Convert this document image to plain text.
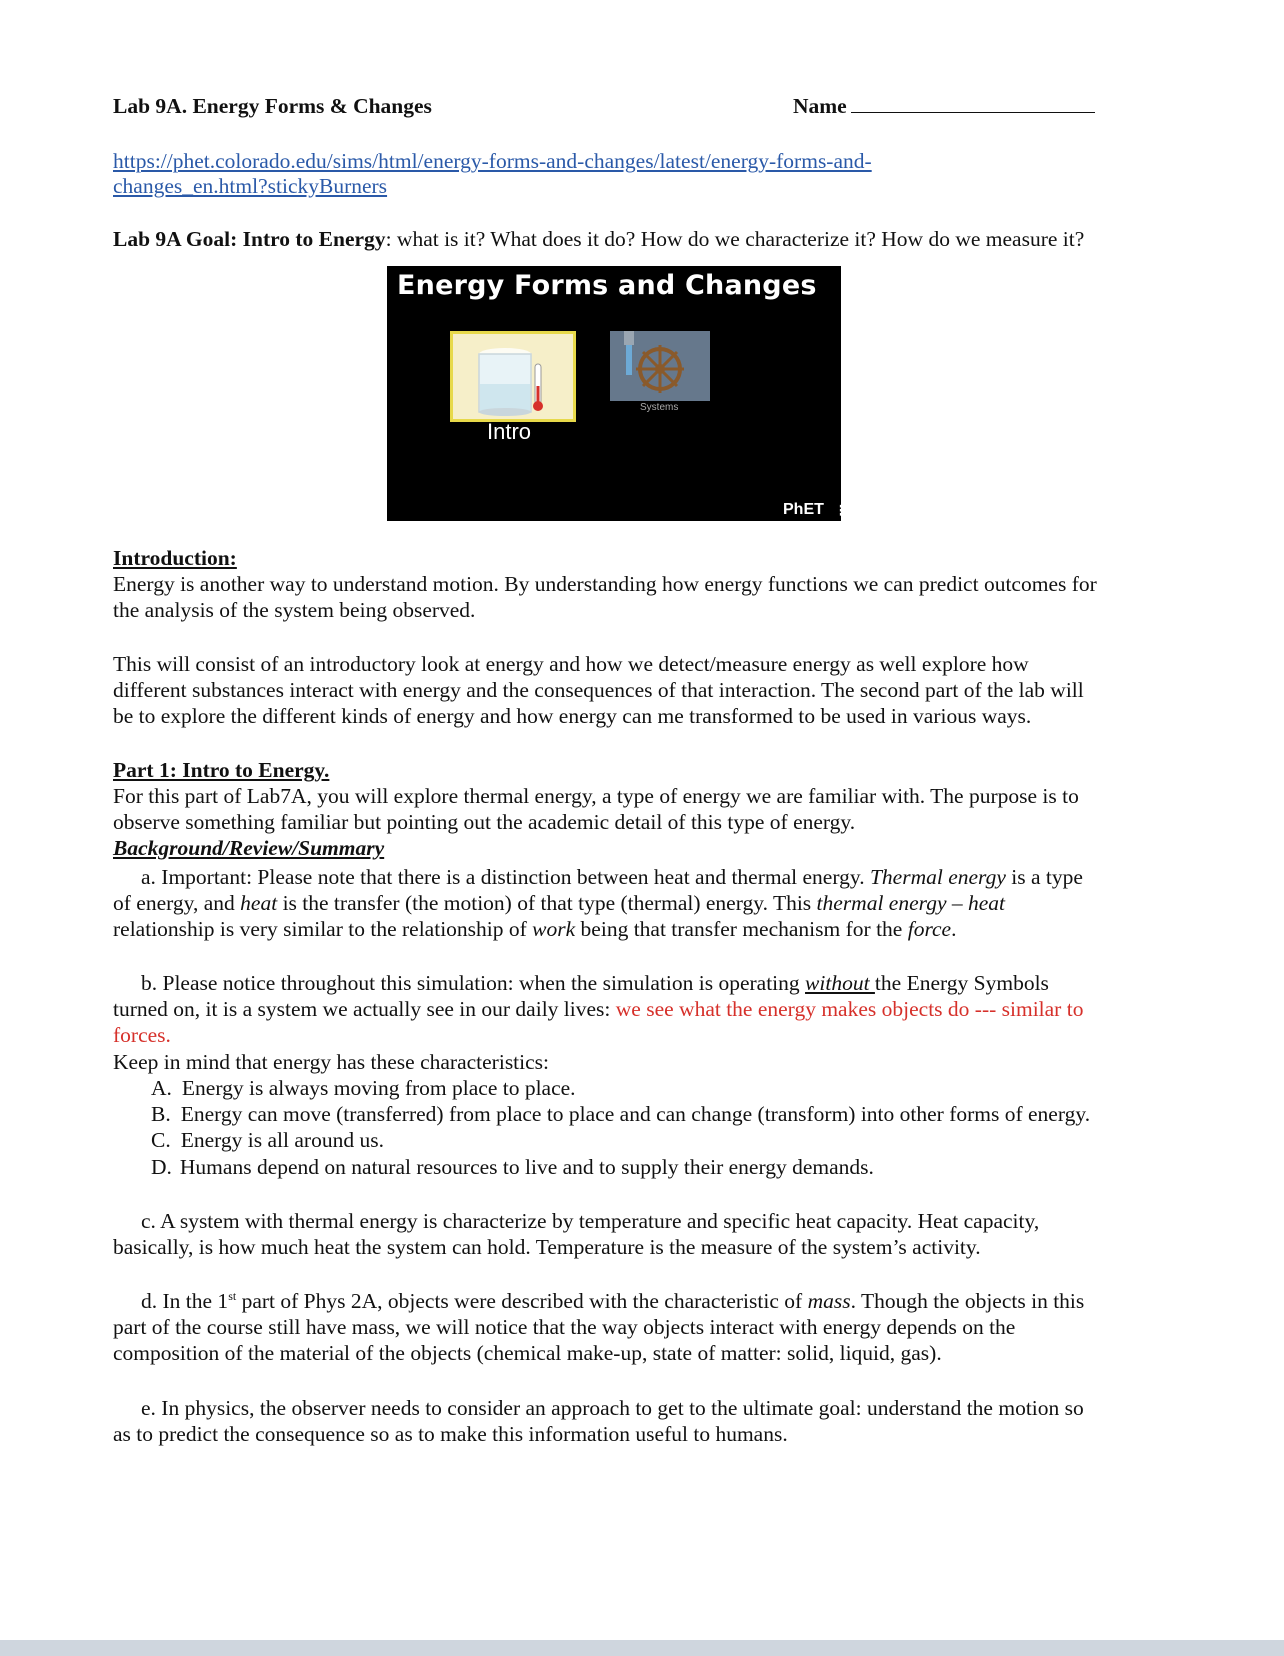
Lab 9A. Energy Forms & Changes	Name
https://phet.colorado.edu/sims/html/energy-forms-and-changes/latest/energy-forms-and-
changes_en.html?stickyBurners
Lab 9A Goal: Intro to Energy: what is it? What does it do? How do we characterize it? How do we measure it?
Energy Forms and Changes
Systems
Intro
PhET ⋮
Introduction:
Energy is another way to understand motion. By understanding how energy functions we can predict outcomes for
the analysis of the system being observed.
This will consist of an introductory look at energy and how we detect/measure energy as well explore how
different substances interact with energy and the consequences of that interaction. The second part of the lab will
be to explore the different kinds of energy and how energy can me transformed to be used in various ways.
Part 1: Intro to Energy.
For this part of Lab7A, you will explore thermal energy, a type of energy we are familiar with. The purpose is to
observe something familiar but pointing out the academic detail of this type of energy.
Background/Review/Summary
a. Important: Please note that there is a distinction between heat and thermal energy. Thermal energy is a type
of energy, and heat is the transfer (the motion) of that type (thermal) energy. This thermal energy – heat
relationship is very similar to the relationship of work being that transfer mechanism for the force.
b. Please notice throughout this simulation: when the simulation is operating without the Energy Symbols
turned on, it is a system we actually see in our daily lives: we see what the energy makes objects do --- similar to
forces.
Keep in mind that energy has these characteristics:
A. Energy is always moving from place to place.
B. Energy can move (transferred) from place to place and can change (transform) into other forms of energy.
C. Energy is all around us.
D. Humans depend on natural resources to live and to supply their energy demands.
c. A system with thermal energy is characterize by temperature and specific heat capacity. Heat capacity,
basically, is how much heat the system can hold. Temperature is the measure of the system’s activity.
d. In the 1st part of Phys 2A, objects were described with the characteristic of mass. Though the objects in this
part of the course still have mass, we will notice that the way objects interact with energy depends on the
composition of the material of the objects (chemical make-up, state of matter: solid, liquid, gas).
e. In physics, the observer needs to consider an approach to get to the ultimate goal: understand the motion so
as to predict the consequence so as to make this information useful to humans.
